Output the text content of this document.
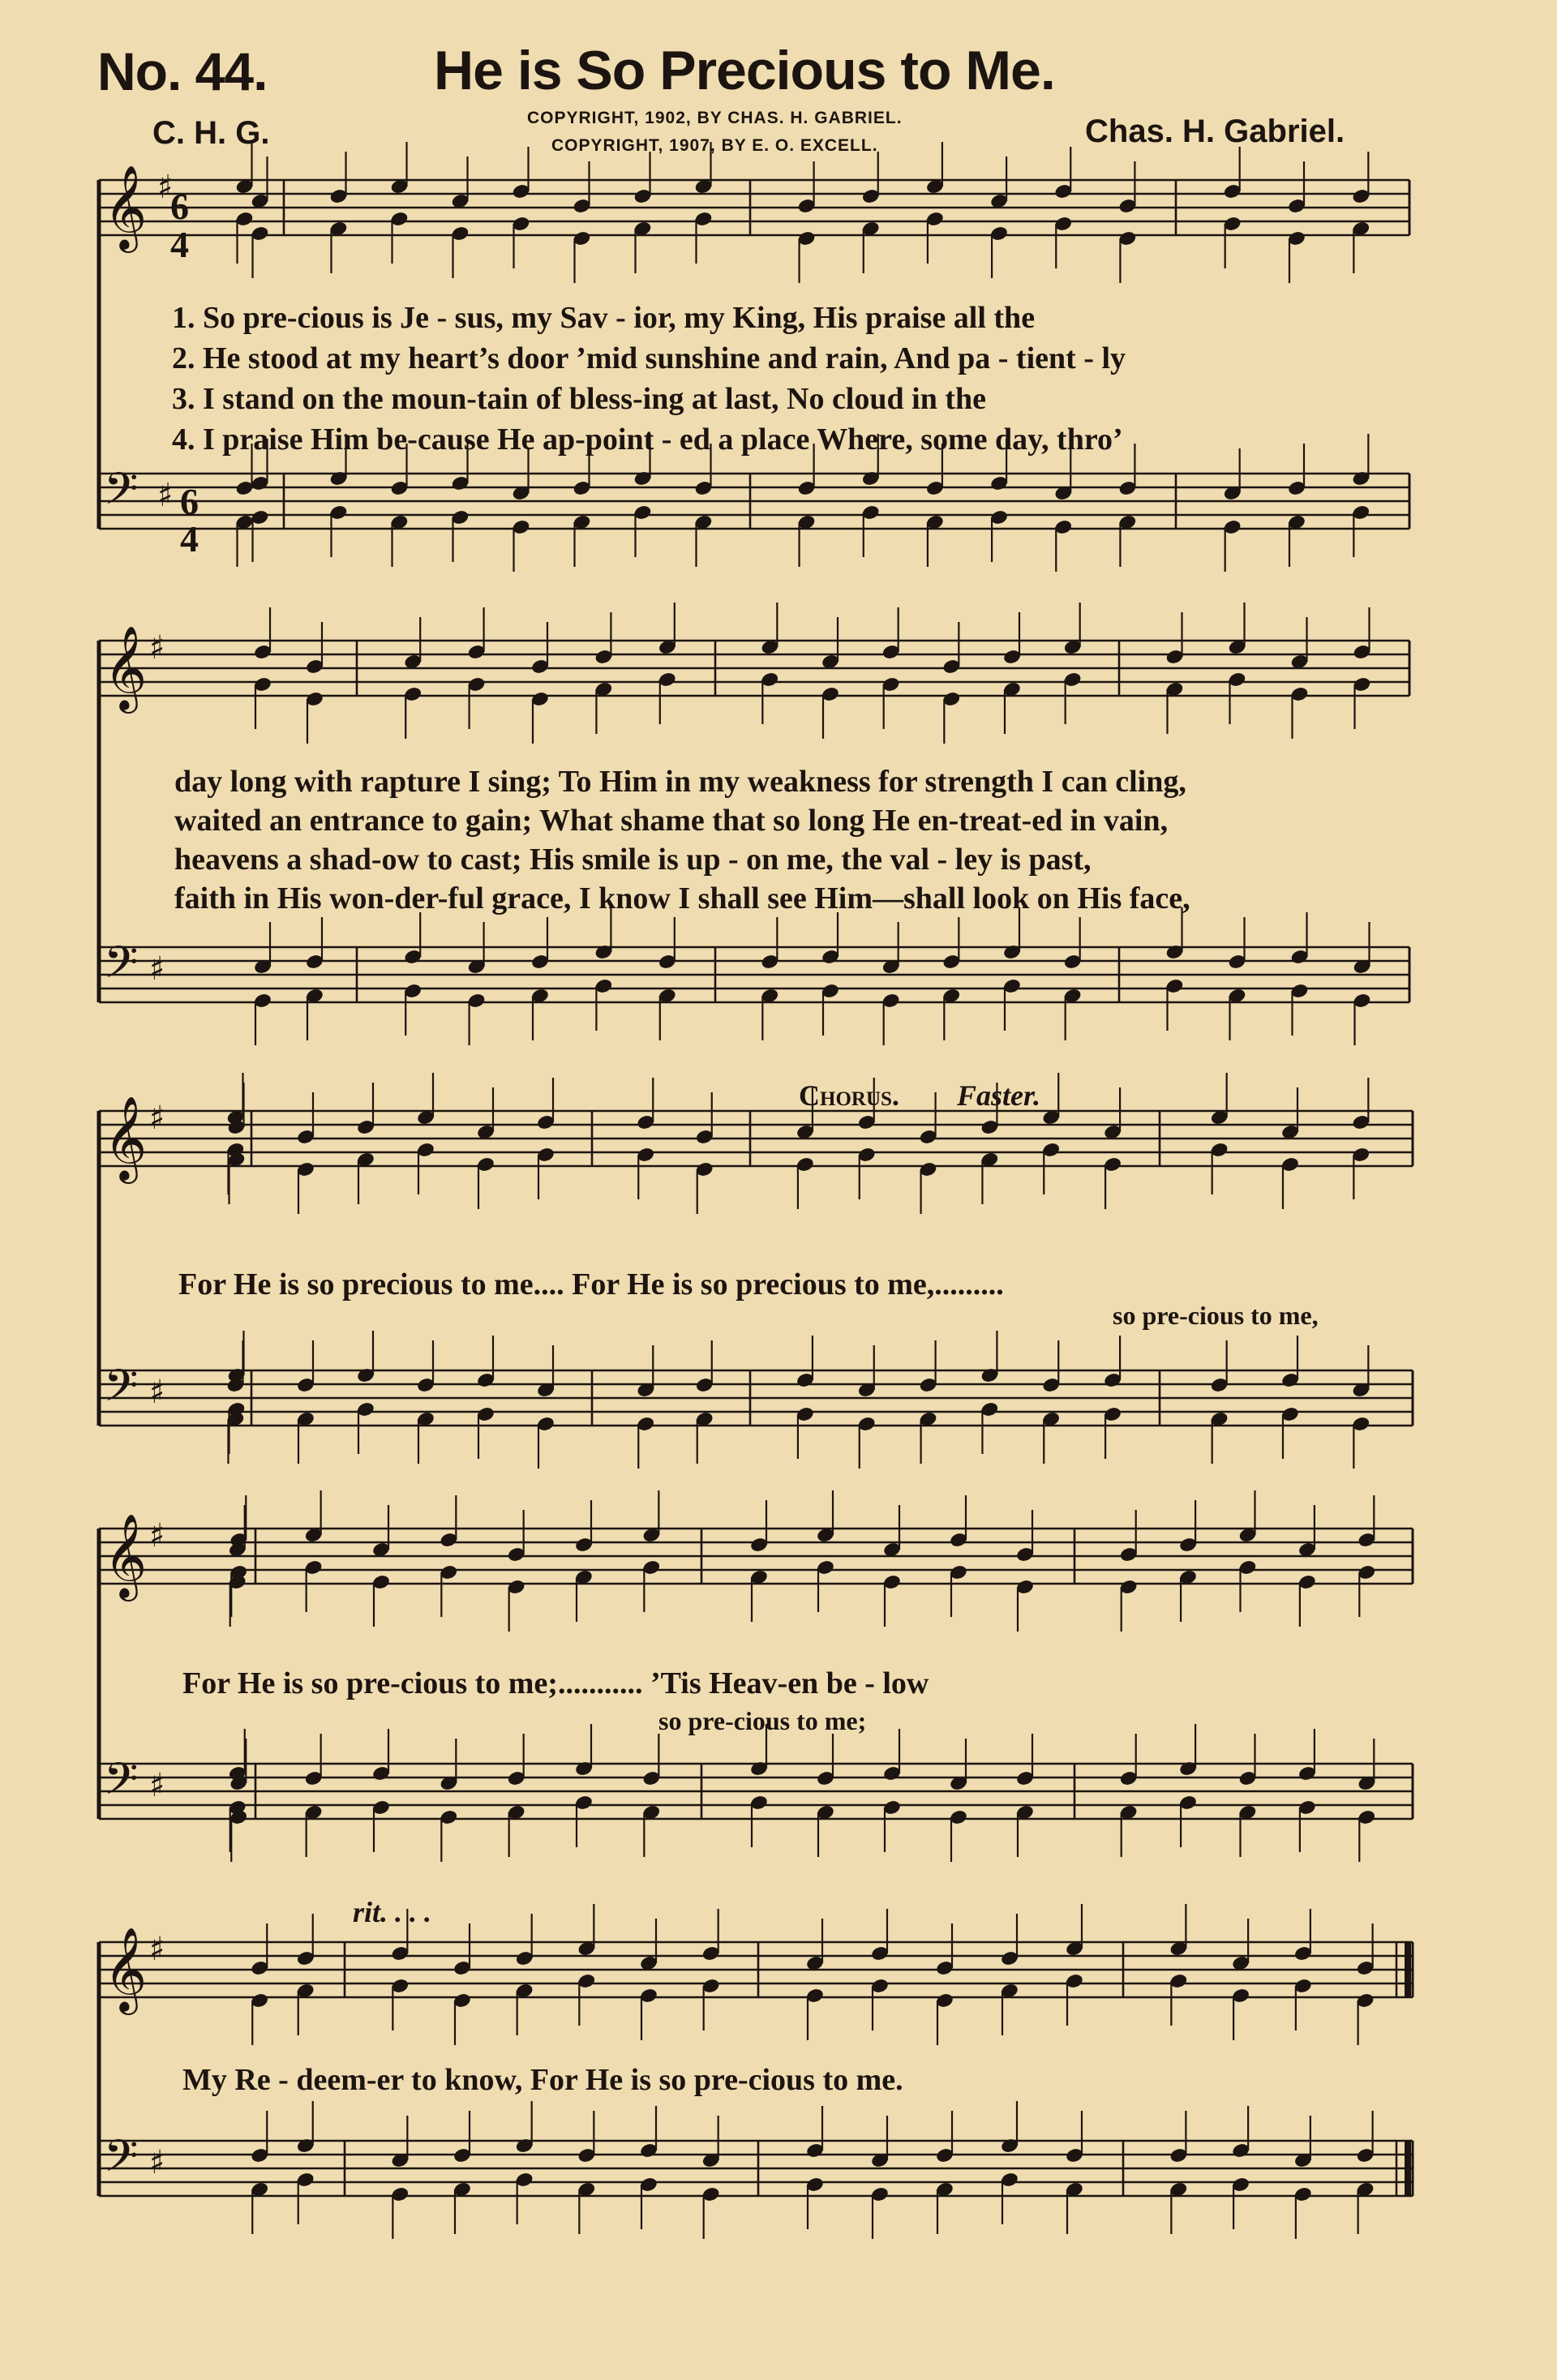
No. 44.	He is So Precious to Me.
C. H. G.	COPYRIGHT, 1902, BY CHAS. H. GABRIEL.
COPYRIGHT, 1907, BY E. O. EXCELL.	Chas. H. Gabriel.
𝄞 ♯
𝄢 ♯
𝄞 ♯
𝄢 ♯
𝄞 ♯
𝄢 ♯
𝄞 ♯
𝄢 ♯
𝄞 ♯
𝄢 ♯
6
4
6
4
1. So pre-cious is Je - sus, my Sav - ior, my King, His praise all the
2. He stood at my heart’s door ’mid sunshine and rain, And pa - tient - ly
3. I stand on the moun-tain of bless-ing at last, No cloud in the
4. I praise Him be-cause He ap-point - ed a place Where, some day, thro’
day long with rapture I sing; To Him in my weakness for strength I can cling,
waited an entrance to gain; What shame that so long He en-treat-ed in vain,
heavens a shad-ow to cast; His smile is up - on me, the val - ley is past,
faith in His won-der-ful grace, I know I shall see Him—shall look on His face,
Chorus. Faster.
For He is so precious to me.... For He is so precious to me,.........
so pre-cious to me,
For He is so pre-cious to me;........... ’Tis Heav-en be - low
so pre-cious to me;
rit. . . .
My Re - deem-er to know, For He is so pre-cious to me.
